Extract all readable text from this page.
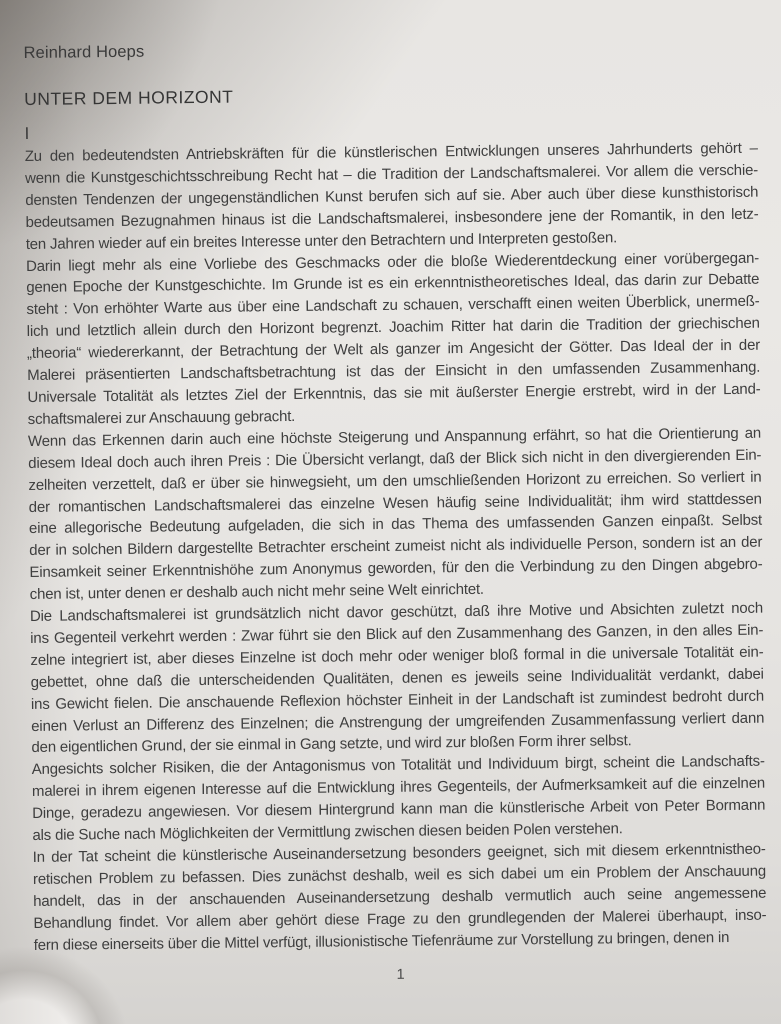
Reinhard Hoeps
UNTER DEM HORIZONT
I
Zu den bedeutendsten Antriebskräften für die künstlerischen Entwicklungen unseres Jahrhunderts gehört –
wenn die Kunstgeschichtsschreibung Recht hat – die Tradition der Landschaftsmalerei. Vor allem die verschie-
densten Tendenzen der ungegenständlichen Kunst berufen sich auf sie. Aber auch über diese kunsthistorisch
bedeutsamen Bezugnahmen hinaus ist die Landschaftsmalerei, insbesondere jene der Romantik, in den letz-
ten Jahren wieder auf ein breites Interesse unter den Betrachtern und Interpreten gestoßen.
Darin liegt mehr als eine Vorliebe des Geschmacks oder die bloße Wiederentdeckung einer vorübergegan-
genen Epoche der Kunstgeschichte. Im Grunde ist es ein erkenntnistheoretisches Ideal, das darin zur Debatte
steht : Von erhöhter Warte aus über eine Landschaft zu schauen, verschafft einen weiten Überblick, unermeß-
lich und letztlich allein durch den Horizont begrenzt. Joachim Ritter hat darin die Tradition der griechischen
„theoria“ wiedererkannt, der Betrachtung der Welt als ganzer im Angesicht der Götter. Das Ideal der in der
Malerei präsentierten Landschaftsbetrachtung ist das der Einsicht in den umfassenden Zusammenhang.
Universale Totalität als letztes Ziel der Erkenntnis, das sie mit äußerster Energie erstrebt, wird in der Land-
schaftsmalerei zur Anschauung gebracht.
Wenn das Erkennen darin auch eine höchste Steigerung und Anspannung erfährt, so hat die Orientierung an
diesem Ideal doch auch ihren Preis : Die Übersicht verlangt, daß der Blick sich nicht in den divergierenden Ein-
zelheiten verzettelt, daß er über sie hinwegsieht, um den umschließenden Horizont zu erreichen. So verliert in
der romantischen Landschaftsmalerei das einzelne Wesen häufig seine Individualität; ihm wird stattdessen
eine allegorische Bedeutung aufgeladen, die sich in das Thema des umfassenden Ganzen einpaßt. Selbst
der in solchen Bildern dargestellte Betrachter erscheint zumeist nicht als individuelle Person, sondern ist an der
Einsamkeit seiner Erkenntnishöhe zum Anonymus geworden, für den die Verbindung zu den Dingen abgebro-
chen ist, unter denen er deshalb auch nicht mehr seine Welt einrichtet.
Die Landschaftsmalerei ist grundsätzlich nicht davor geschützt, daß ihre Motive und Absichten zuletzt noch
ins Gegenteil verkehrt werden : Zwar führt sie den Blick auf den Zusammenhang des Ganzen, in den alles Ein-
zelne integriert ist, aber dieses Einzelne ist doch mehr oder weniger bloß formal in die universale Totalität ein-
gebettet, ohne daß die unterscheidenden Qualitäten, denen es jeweils seine Individualität verdankt, dabei
ins Gewicht fielen. Die anschauende Reflexion höchster Einheit in der Landschaft ist zumindest bedroht durch
einen Verlust an Differenz des Einzelnen; die Anstrengung der umgreifenden Zusammenfassung verliert dann
den eigentlichen Grund, der sie einmal in Gang setzte, und wird zur bloßen Form ihrer selbst.
Angesichts solcher Risiken, die der Antagonismus von Totalität und Individuum birgt, scheint die Landschafts-
malerei in ihrem eigenen Interesse auf die Entwicklung ihres Gegenteils, der Aufmerksamkeit auf die einzelnen
Dinge, geradezu angewiesen. Vor diesem Hintergrund kann man die künstlerische Arbeit von Peter Bormann
als die Suche nach Möglichkeiten der Vermittlung zwischen diesen beiden Polen verstehen.
In der Tat scheint die künstlerische Auseinandersetzung besonders geeignet, sich mit diesem erkenntnistheo-
retischen Problem zu befassen. Dies zunächst deshalb, weil es sich dabei um ein Problem der Anschauung
handelt, das in der anschauenden Auseinandersetzung deshalb vermutlich auch seine angemessene
Behandlung findet. Vor allem aber gehört diese Frage zu den grundlegenden der Malerei überhaupt, inso-
fern diese einerseits über die Mittel verfügt, illusionistische Tiefenräume zur Vorstellung zu bringen, denen in
1
